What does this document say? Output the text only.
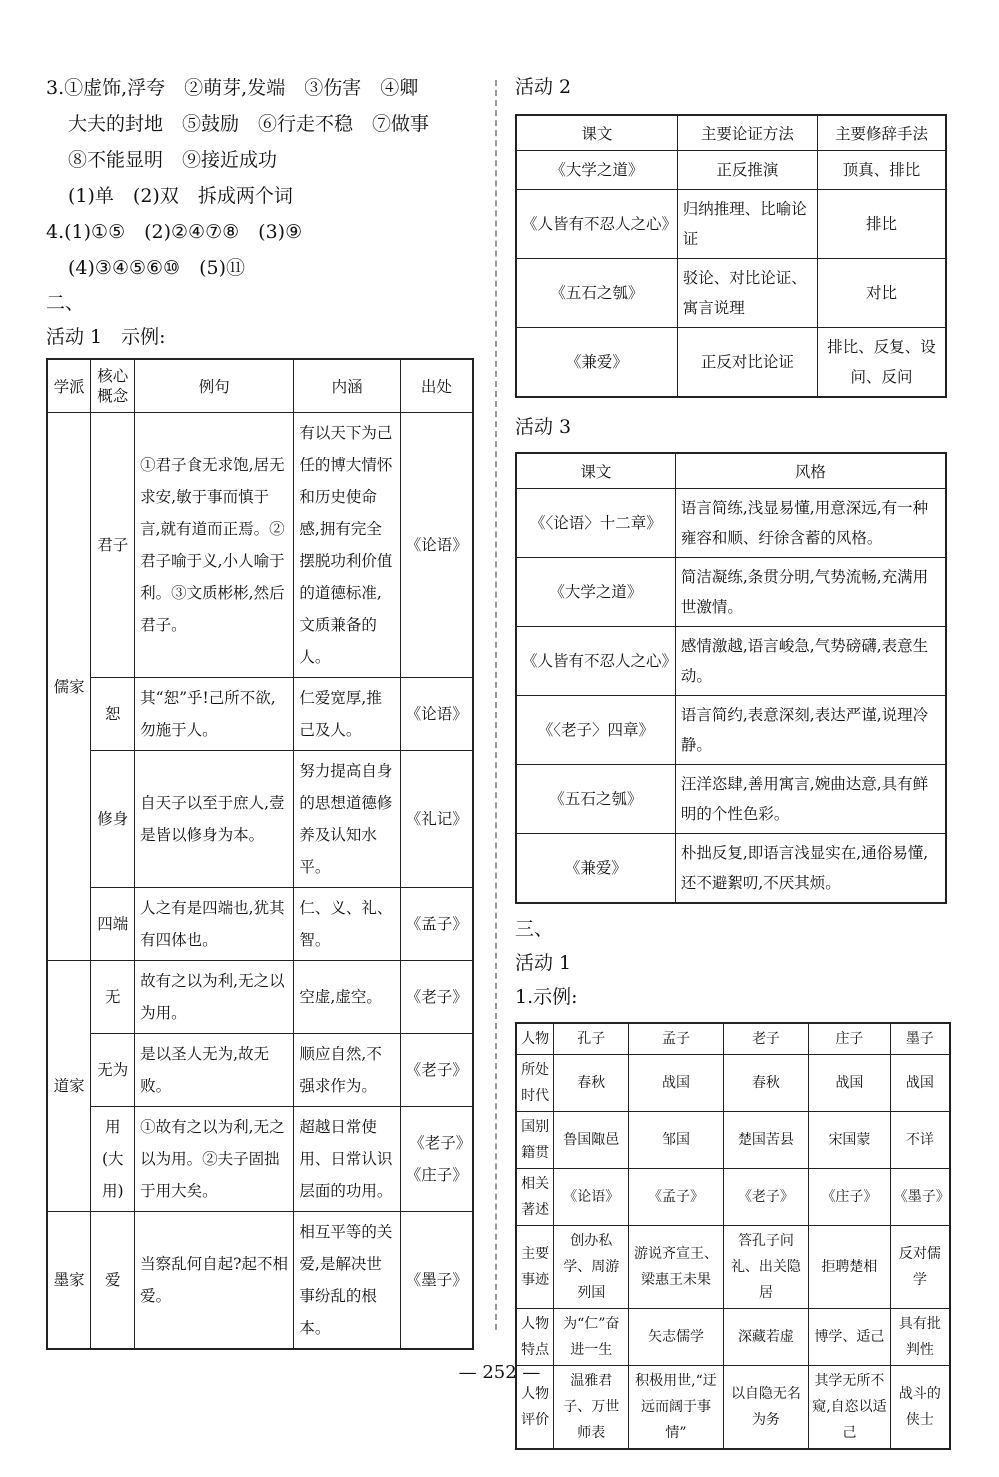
3.①虚饰,浮夸　②萌芽,发端　③伤害　④卿
大夫的封地　⑤鼓励　⑥行走不稳　⑦做事
⑧不能显明　⑨接近成功
(1)单　(2)双　拆成两个词
4.(1)①⑤　(2)②④⑦⑧　(3)⑨
(4)③④⑤⑥⑩　(5)⑪
二、
活动 1　示例:
学派	核心概念	例句	内涵	出处
儒家	君子	①君子食无求饱,居无求安,敏于事而慎于言,就有道而正焉。②君子喻于义,小人喻于利。③文质彬彬,然后君子。	有以天下为己任的博大情怀和历史使命感,拥有完全摆脱功利价值的道德标准,文质兼备的人。	《论语》
	恕	其“恕”乎!己所不欲,勿施于人。	仁爱宽厚,推己及人。	《论语》
	修身	自天子以至于庶人,壹是皆以修身为本。	努力提高自身的思想道德修养及认知水平。	《礼记》
	四端	人之有是四端也,犹其有四体也。	仁、义、礼、智。	《孟子》
道家	无	故有之以为利,无之以为用。	空虚,虚空。	《老子》
	无为	是以圣人无为,故无败。	顺应自然,不强求作为。	《老子》
	用(大用)	①故有之以为利,无之以为用。②夫子固拙于用大矣。	超越日常使用、日常认识层面的功用。	《老子》《庄子》
墨家	爱	当察乱何自起?起不相爱。	相互平等的关爱,是解决世事纷乱的根本。	《墨子》
活动 2
课文	主要论证方法	主要修辞手法
《大学之道》	正反推演	顶真、排比
《人皆有不忍人之心》	归纳推理、比喻论证	排比
《五石之瓠》	驳论、对比论证、寓言说理	对比
《兼爱》	正反对比论证	排比、反复、设问、反问
活动 3
课文	风格
《〈论语〉十二章》	语言简练,浅显易懂,用意深远,有一种雍容和顺、纡徐含蓄的风格。
《大学之道》	简洁凝练,条贯分明,气势流畅,充满用世激情。
《人皆有不忍人之心》	感情激越,语言峻急,气势磅礴,表意生动。
《〈老子〉四章》	语言简约,表意深刻,表达严谨,说理冷静。
《五石之瓠》	汪洋恣肆,善用寓言,婉曲达意,具有鲜明的个性色彩。
《兼爱》	朴拙反复,即语言浅显实在,通俗易懂,还不避絮叨,不厌其烦。
三、
活动 1
1.示例:
人物	孔子	孟子	老子	庄子	墨子
所处时代	春秋	战国	春秋	战国	战国
国别籍贯	鲁国陬邑	邹国	楚国苦县	宋国蒙	不详
相关著述	《论语》	《孟子》	《老子》	《庄子》	《墨子》
主要事迹	创办私学、周游列国	游说齐宣王、梁惠王未果	答孔子问礼、出关隐居	拒聘楚相	反对儒学
人物特点	为“仁”奋进一生	矢志儒学	深藏若虚	博学、适己	具有批判性
人物评价	温雅君子、万世师表	积极用世,“迂远而阔于事情”	以自隐无名为务	其学无所不窥,自恣以适己	战斗的侠士
— 252 —
